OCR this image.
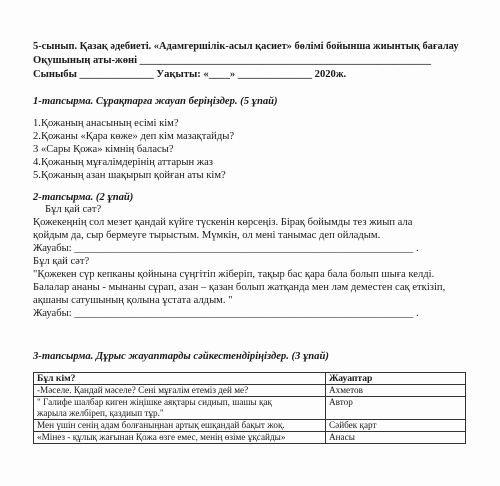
5-сынып. Қазақ әдебиеті. «Адамгершілік-асыл қасиет» бөлімі бойынша жиынтық бағалау
Оқушының аты-жөні _______________________________________________________
Сыныбы ______________ Уақыты: «____» ______________ 2020ж.
1-тапсырма. Сұрақтарға жауап беріңіздер. (5 ұпай)
1.Қожаның анасының есімі кім?
2.Қожаны «Қара көже» деп кім мазақтайды?
3 «Сары Қожа» кімнің баласы?
4.Қожаның мұғалімдерінің аттарын жаз
5.Қожаның азан шақырып қойған аты кім?
2-тапсырма. (2 ұпай)
Бұл қай сәт?
Қожекеңнің сол мезет қандай күйге түскенін көрсеңіз. Бірақ бойымды тез жиып ала
қойдым да, сыр бермеуге тырыстым. Мүмкін, ол мені танымас деп ойладым.
Жауабы: ________________________________________________________________ .
Бұл қай сәт?
"Қожекен сүр кепканы қойнына сүңгітіп жіберіп, тақыр бас қара бала болып шыға келді.
Балалар ананы - мынаны сұрап, азан – қазан болып жатқанда мен ләм деместен сақ еткізіп,
ақшаны сатушының қолына ұстата алдым. "
Жауабы: ________________________________________________________________ .
3-тапсырма. Дұрыс жауаптарды сәйкестендіріңіздер. (3 ұпай)
Бұл кім?	Жауаптар
-Мәселе. Қандай мәселе? Сені мұғалім етеміз дей ме?	Ахметов

" Галифе шалбар киген жіңішке аяқтары сидиып, шашы қақ
жарыла желбіреп, қаздиып тұр."	Автор
Мен үшін сенің адам болғаныңнан артық ешқандай бақыт жоқ.	Сәйбек қарт
«Мінез - құлық жағынан Қожа өзге емес, менің өзіме ұқсайды»	Анасы
